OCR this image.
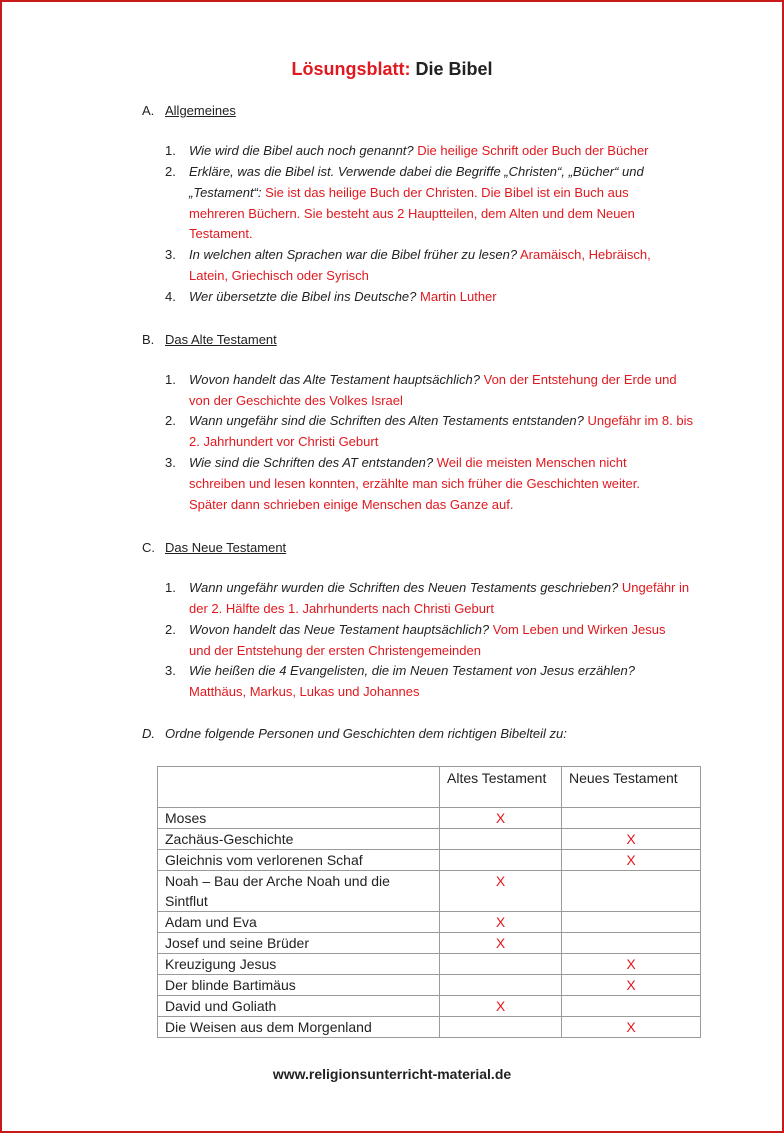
Lösungsblatt: Die Bibel
A. Allgemeines
1. Wie wird die Bibel auch noch genannt? Die heilige Schrift oder Buch der Bücher
2. Erkläre, was die Bibel ist. Verwende dabei die Begriffe „Christen“, „Bücher“ und „Testament“: Sie ist das heilige Buch der Christen. Die Bibel ist ein Buch aus mehreren Büchern. Sie besteht aus 2 Hauptteilen, dem Alten und dem Neuen Testament.
3. In welchen alten Sprachen war die Bibel früher zu lesen? Aramäisch, Hebräisch, Latein, Griechisch oder Syrisch
4. Wer übersetzte die Bibel ins Deutsche? Martin Luther
B. Das Alte Testament
1. Wovon handelt das Alte Testament hauptsächlich? Von der Entstehung der Erde und von der Geschichte des Volkes Israel
2. Wann ungefähr sind die Schriften des Alten Testaments entstanden? Ungefähr im 8. bis 2. Jahrhundert vor Christi Geburt
3. Wie sind die Schriften des AT entstanden? Weil die meisten Menschen nicht schreiben und lesen konnten, erzählte man sich früher die Geschichten weiter. Später dann schrieben einige Menschen das Ganze auf.
C. Das Neue Testament
1. Wann ungefähr wurden die Schriften des Neuen Testaments geschrieben? Ungefähr in der 2. Hälfte des 1. Jahrhunderts nach Christi Geburt
2. Wovon handelt das Neue Testament hauptsächlich? Vom Leben und Wirken Jesus und der Entstehung der ersten Christengemeinden
3. Wie heißen die 4 Evangelisten, die im Neuen Testament von Jesus erzählen? Matthäus, Markus, Lukas und Johannes
D. Ordne folgende Personen und Geschichten dem richtigen Bibelteil zu:
	Altes Testament	Neues Testament
Moses	X	
Zachäus-Geschichte		X
Gleichnis vom verlorenen Schaf		X
Noah – Bau der Arche Noah und die Sintflut	X	
Adam und Eva	X	
Josef und seine Brüder	X	
Kreuzigung Jesus		X
Der blinde Bartimäus		X
David und Goliath	X	
Die Weisen aus dem Morgenland		X
www.religionsunterricht-material.de
